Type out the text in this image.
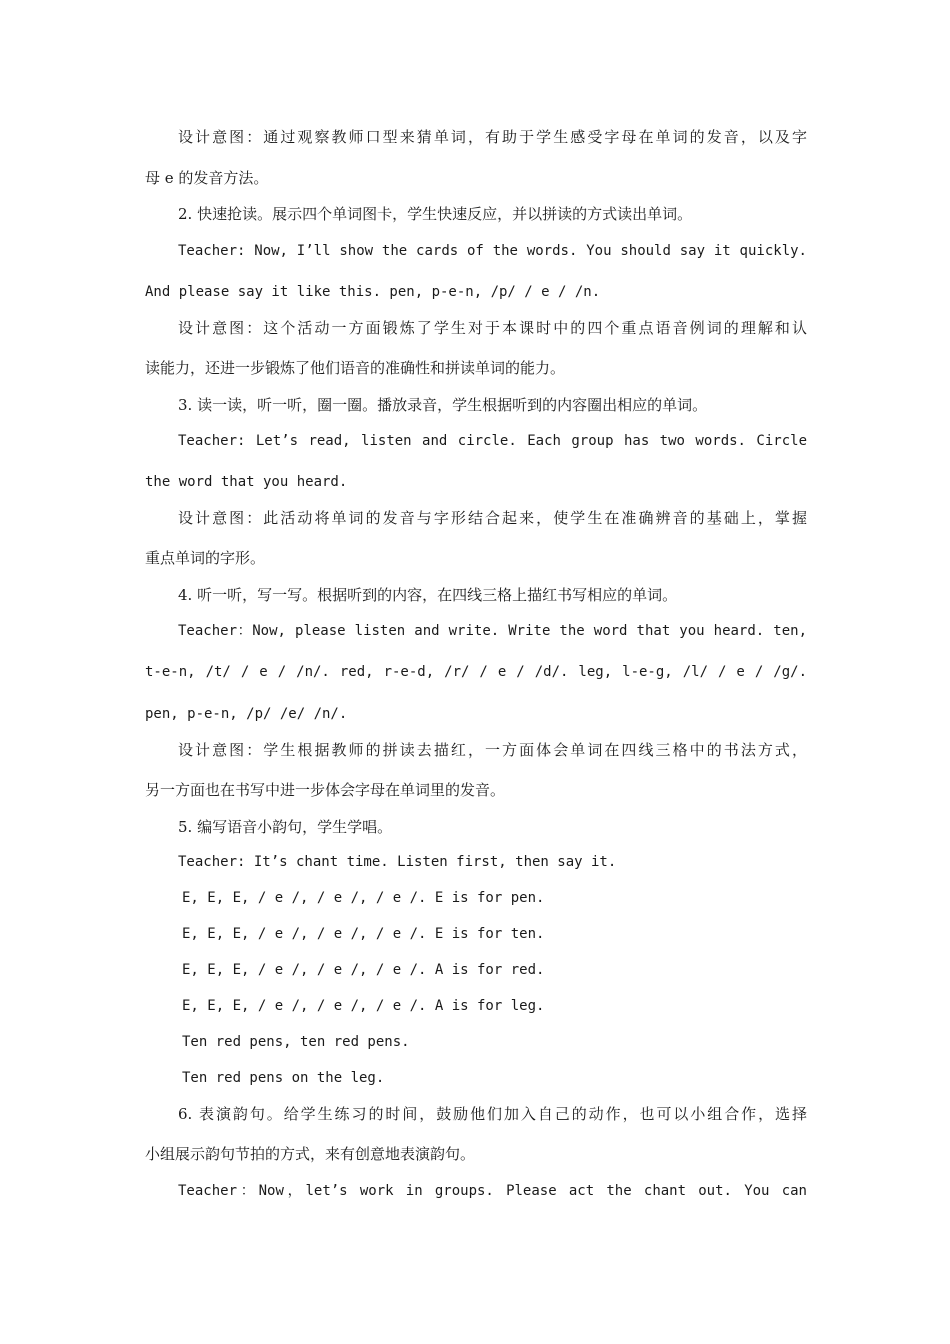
设计意图：通过观察教师口型来猜单词，有助于学生感受字母在单词的发音，以及字
母 e 的发音方法。
2. 快速抢读。展示四个单词图卡，学生快速反应，并以拼读的方式读出单词。
Teacher: Now, I’ll show the cards of the words. You should say it quickly.
And please say it like this. pen, p-e-n, /p/ / e / /n.
设计意图：这个活动一方面锻炼了学生对于本课时中的四个重点语音例词的理解和认
读能力，还进一步锻炼了他们语音的准确性和拼读单词的能力。
3. 读一读，听一听，圈一圈。播放录音，学生根据听到的内容圈出相应的单词。
Teacher: Let’s read, listen and circle. Each group has two words. Circle
the word that you heard.
设计意图：此活动将单词的发音与字形结合起来，使学生在准确辨音的基础上，掌握
重点单词的字形。
4. 听一听，写一写。根据听到的内容，在四线三格上描红书写相应的单词。
Teacher：Now, please listen and write. Write the word that you heard. ten,
t-e-n, /t/ / e / /n/. red, r-e-d, /r/ / e / /d/. leg, l-e-g, /l/ / e / /g/.
pen, p-e-n, /p/ /e/ /n/.
设计意图：学生根据教师的拼读去描红，一方面体会单词在四线三格中的书法方式，
另一方面也在书写中进一步体会字母在单词里的发音。
5. 编写语音小韵句，学生学唱。
Teacher: It’s chant time. Listen first, then say it.
E, E, E, / e /, / e /, / e /. E is for pen.
E, E, E, / e /, / e /, / e /. E is for ten.
E, E, E, / e /, / e /, / e /. A is for red.
E, E, E, / e /, / e /, / e /. A is for leg.
Ten red pens, ten red pens.
Ten red pens on the leg.
6. 表演韵句。给学生练习的时间，鼓励他们加入自己的动作，也可以小组合作，选择
小组展示韵句节拍的方式，来有创意地表演韵句。
Teacher：Now，let’s work in groups. Please act the chant out. You can
